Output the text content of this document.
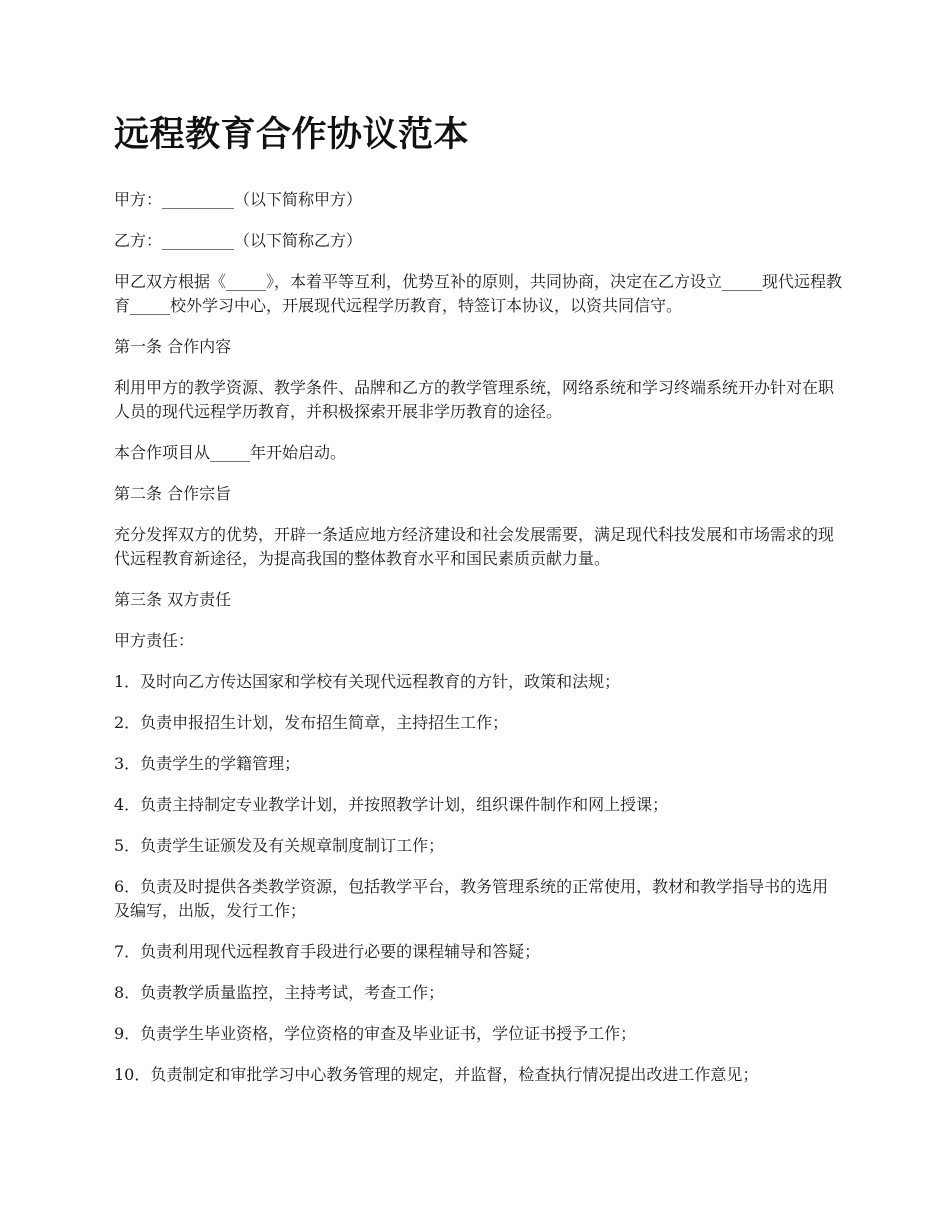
远程教育合作协议范本

甲方：_________（以下简称甲方）

乙方：_________（以下简称乙方）

甲乙双方根据《_____》，本着平等互利，优势互补的原则，共同协商，决定在乙方设立_____现代远程教育_____校外学习中心，开展现代远程学历教育，特签订本协议，以资共同信守。

第一条 合作内容

利用甲方的教学资源、教学条件、品牌和乙方的教学管理系统，网络系统和学习终端系统开办针对在职人员的现代远程学历教育，并积极探索开展非学历教育的途径。

本合作项目从_____年开始启动。

第二条 合作宗旨

充分发挥双方的优势，开辟一条适应地方经济建设和社会发展需要，满足现代科技发展和市场需求的现代远程教育新途径，为提高我国的整体教育水平和国民素质贡献力量。

第三条 双方责任

甲方责任：

1．及时向乙方传达国家和学校有关现代远程教育的方针，政策和法规；

2．负责申报招生计划，发布招生简章，主持招生工作；

3．负责学生的学籍管理；

4．负责主持制定专业教学计划，并按照教学计划，组织课件制作和网上授课；

5．负责学生证颁发及有关规章制度制订工作；

6．负责及时提供各类教学资源，包括教学平台，教务管理系统的正常使用，教材和教学指导书的选用及编写，出版，发行工作；

7．负责利用现代远程教育手段进行必要的课程辅导和答疑；

8．负责教学质量监控，主持考试，考查工作；

9．负责学生毕业资格，学位资格的审查及毕业证书，学位证书授予工作；

10．负责制定和审批学习中心教务管理的规定，并监督，检查执行情况提出改进工作意见；
